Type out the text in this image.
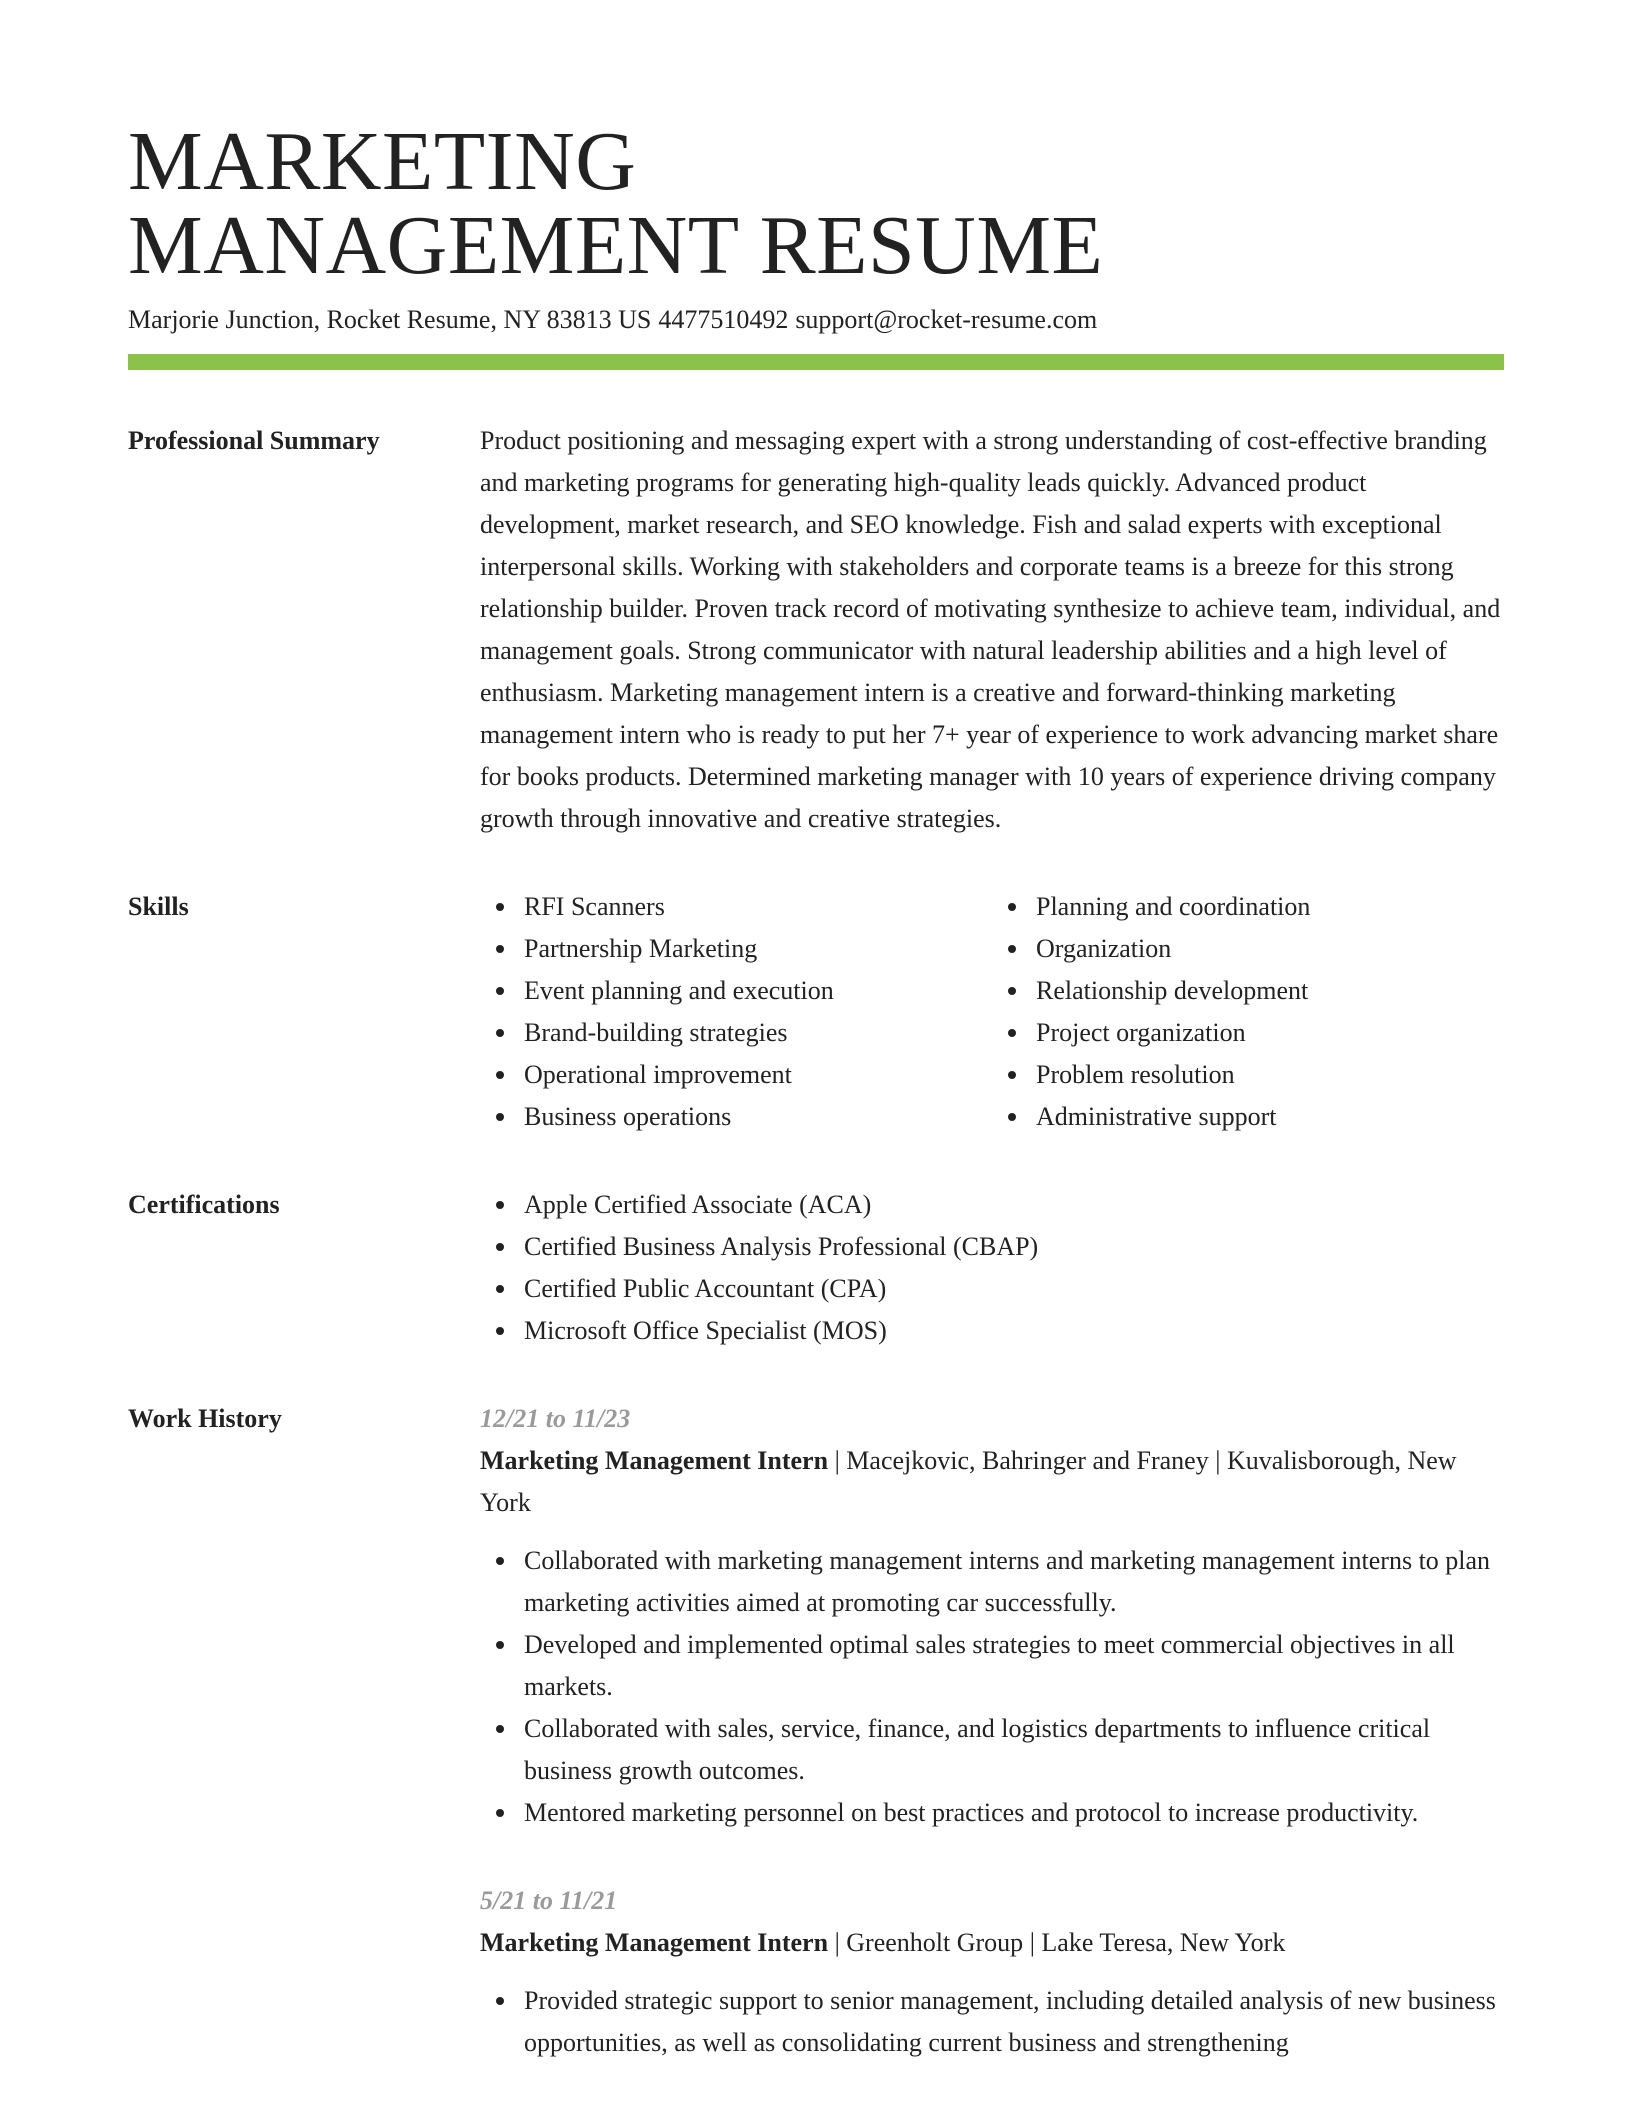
MARKETING
MANAGEMENT RESUME
Marjorie Junction, Rocket Resume, NY 83813 US 4477510492 support@rocket-resume.com
Professional Summary	Product positioning and messaging expert with a strong understanding of cost-effective branding and marketing programs for generating high-quality leads quickly. Advanced product development, market research, and SEO knowledge. Fish and salad experts with exceptional interpersonal skills. Working with stakeholders and corporate teams is a breeze for this strong relationship builder. Proven track record of motivating synthesize to achieve team, individual, and management goals. Strong communicator with natural leadership abilities and a high level of enthusiasm. Marketing management intern is a creative and forward-thinking marketing management intern who is ready to put her 7+ year of experience to work advancing market share for books products. Determined marketing manager with 10 years of experience driving company growth through innovative and creative strategies.

Skills	RFI Scanners
Partnership Marketing
Event planning and execution
Brand-building strategies
Operational improvement
Business operations
Planning and coordination
Organization
Relationship development
Project organization
Problem resolution
Administrative support
Certifications	Apple Certified Associate (ACA)
Certified Business Analysis Professional (CBAP)
Certified Public Accountant (CPA)
Microsoft Office Specialist (MOS)
Work History	12/21 to 11/23
Marketing Management Intern | Macejkovic, Bahringer and Franey | Kuvalisborough, New York
Collaborated with marketing management interns and marketing management interns to plan marketing activities aimed at promoting car successfully.
Developed and implemented optimal sales strategies to meet commercial objectives in all markets.
Collaborated with sales, service, finance, and logistics departments to influence critical business growth outcomes.
Mentored marketing personnel on best practices and protocol to increase productivity.
5/21 to 11/21
Marketing Management Intern | Greenholt Group | Lake Teresa, New York
Provided strategic support to senior management, including detailed analysis of new business opportunities, as well as consolidating current business and strengthening
